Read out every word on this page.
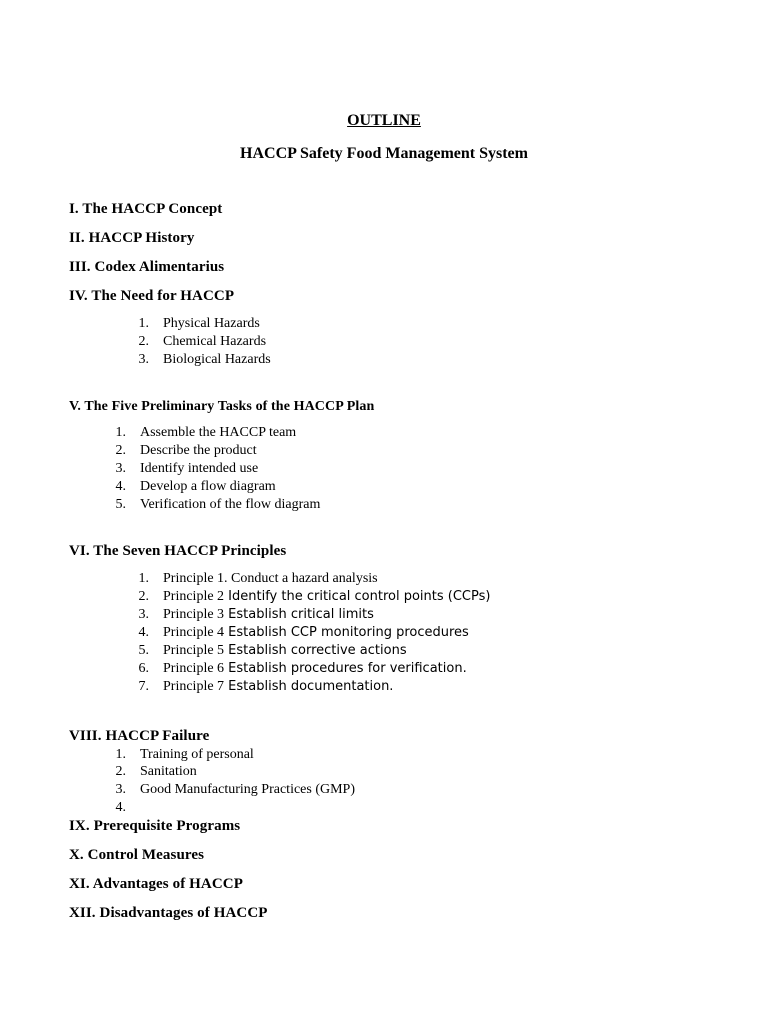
OUTLINE
HACCP Safety Food Management System
I. The HACCP Concept
II. HACCP History
III. Codex Alimentarius
IV. The Need for HACCP
1. Physical Hazards
2. Chemical Hazards
3. Biological Hazards
V. The Five Preliminary Tasks of the HACCP Plan
1. Assemble the HACCP team
2. Describe the product
3. Identify intended use
4. Develop a flow diagram
5. Verification of the flow diagram
VI. The Seven HACCP Principles
1. Principle 1. Conduct a hazard analysis
2. Principle 2 Identify the critical control points (CCPs)
3. Principle 3 Establish critical limits
4. Principle 4 Establish CCP monitoring procedures
5. Principle 5 Establish corrective actions
6. Principle 6 Establish procedures for verification.
7. Principle 7 Establish documentation.
VIII. HACCP Failure
1. Training of personal
2. Sanitation
3. Good Manufacturing Practices (GMP)
4.
IX. Prerequisite Programs
X. Control Measures
XI. Advantages of HACCP
XII. Disadvantages of HACCP
